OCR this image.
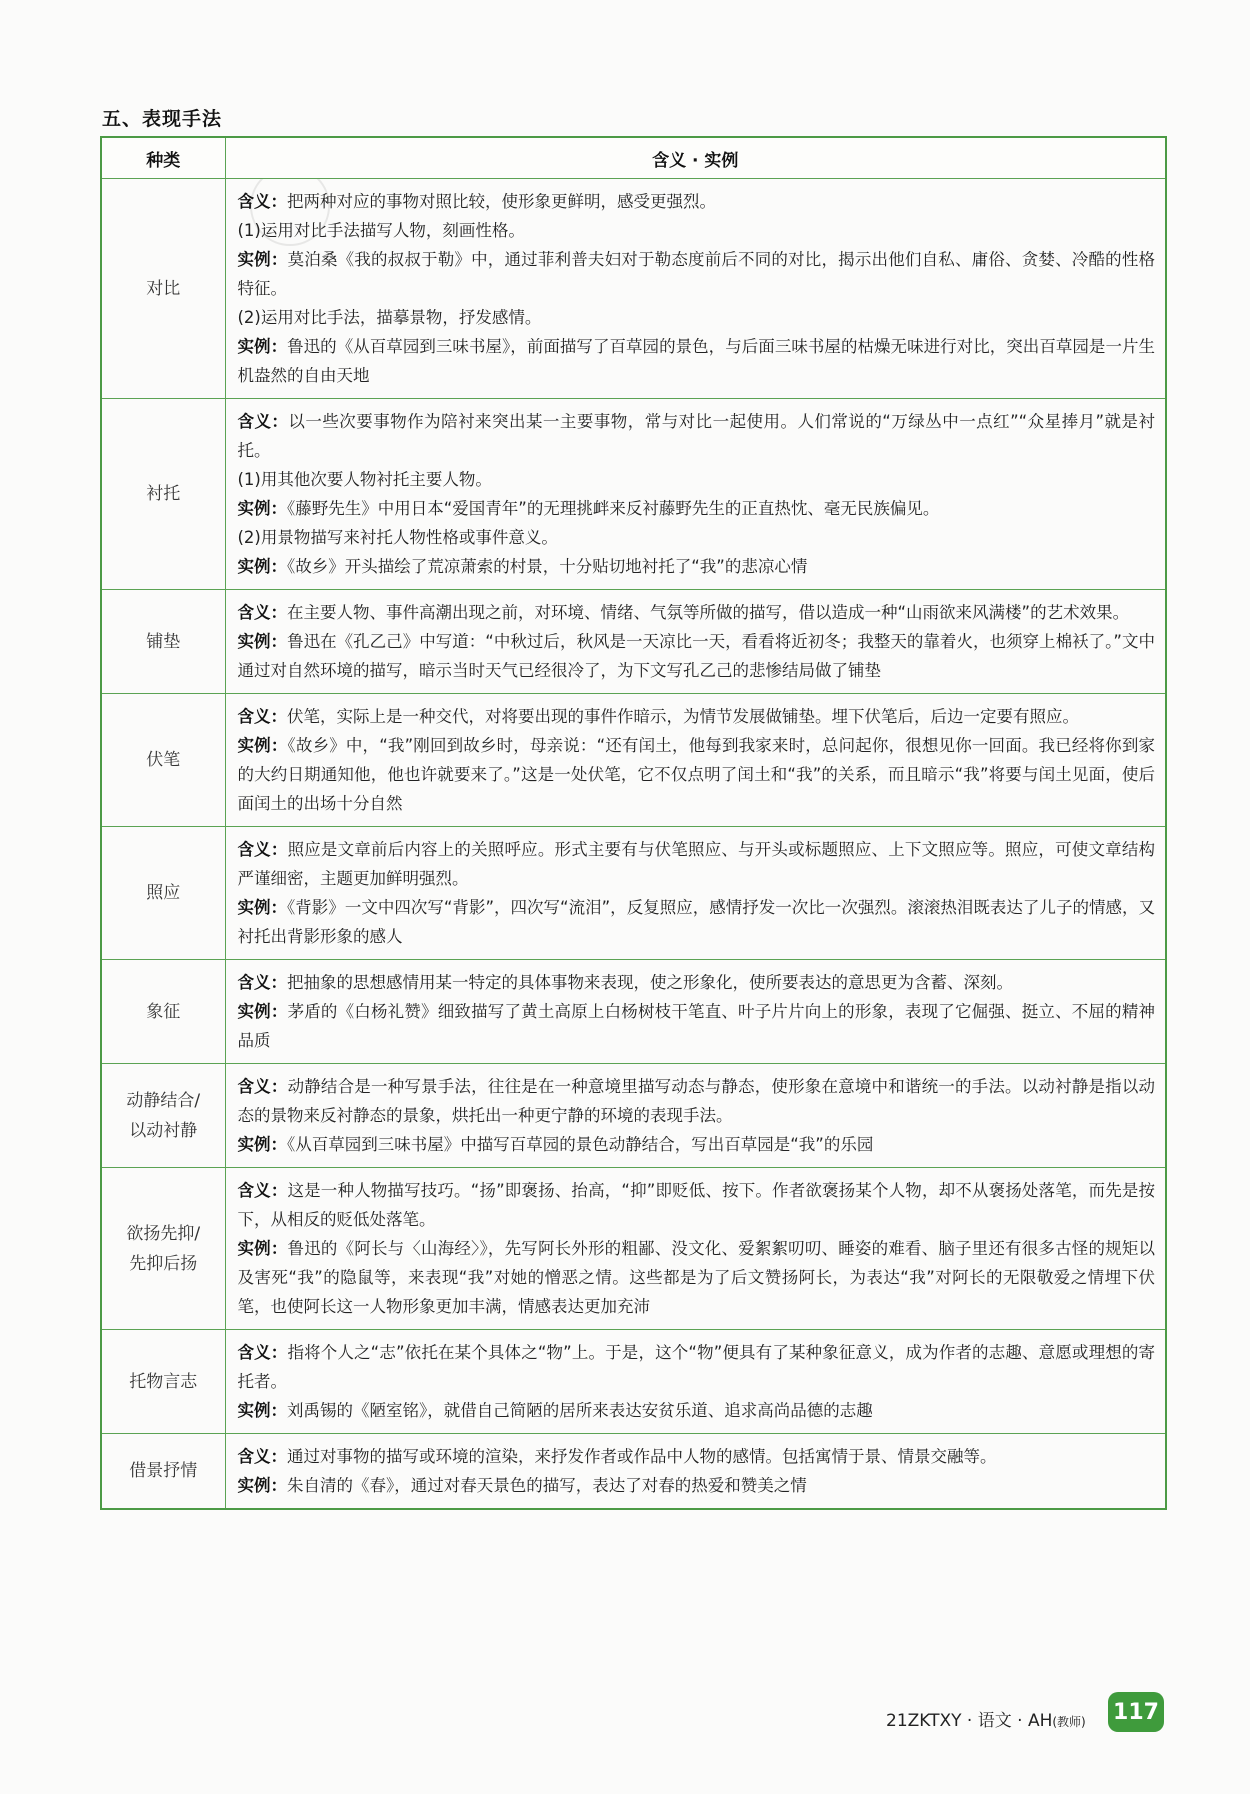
五、表现手法
种类	含义 · 实例
对比	含义：把两种对应的事物对照比较，使形象更鲜明，感受更强烈。
(1)运用对比手法描写人物，刻画性格。
实例：莫泊桑《我的叔叔于勒》中，通过菲利普夫妇对于勒态度前后不同的对比，揭示出他们自私、庸俗、贪婪、冷酷的性格特征。
(2)运用对比手法，描摹景物，抒发感情。
实例：鲁迅的《从百草园到三味书屋》，前面描写了百草园的景色，与后面三味书屋的枯燥无味进行对比，突出百草园是一片生机盎然的自由天地

衬托	含义：以一些次要事物作为陪衬来突出某一主要事物，常与对比一起使用。人们常说的“万绿丛中一点红”“众星捧月”就是衬托。
(1)用其他次要人物衬托主要人物。
实例：《藤野先生》中用日本“爱国青年”的无理挑衅来反衬藤野先生的正直热忱、毫无民族偏见。
(2)用景物描写来衬托人物性格或事件意义。
实例：《故乡》开头描绘了荒凉萧索的村景，十分贴切地衬托了“我”的悲凉心情

铺垫	含义：在主要人物、事件高潮出现之前，对环境、情绪、气氛等所做的描写，借以造成一种“山雨欲来风满楼”的艺术效果。
实例：鲁迅在《孔乙己》中写道：“中秋过后，秋风是一天凉比一天，看看将近初冬；我整天的靠着火，也须穿上棉袄了。”文中通过对自然环境的描写，暗示当时天气已经很冷了，为下文写孔乙己的悲惨结局做了铺垫

伏笔	含义：伏笔，实际上是一种交代，对将要出现的事件作暗示，为情节发展做铺垫。埋下伏笔后，后边一定要有照应。
实例：《故乡》中，“我”刚回到故乡时，母亲说：“还有闰土，他每到我家来时，总问起你，很想见你一回面。我已经将你到家的大约日期通知他，他也许就要来了。”这是一处伏笔，它不仅点明了闰土和“我”的关系，而且暗示“我”将要与闰土见面，使后面闰土的出场十分自然

照应	含义：照应是文章前后内容上的关照呼应。形式主要有与伏笔照应、与开头或标题照应、上下文照应等。照应，可使文章结构严谨细密，主题更加鲜明强烈。
实例：《背影》一文中四次写“背影”，四次写“流泪”，反复照应，感情抒发一次比一次强烈。滚滚热泪既表达了儿子的情感，又衬托出背影形象的感人

象征	含义：把抽象的思想感情用某一特定的具体事物来表现，使之形象化，使所要表达的意思更为含蓄、深刻。
实例：茅盾的《白杨礼赞》细致描写了黄土高原上白杨树枝干笔直、叶子片片向上的形象，表现了它倔强、挺立、不屈的精神品质

动静结合/
以动衬静	含义：动静结合是一种写景手法，往往是在一种意境里描写动态与静态，使形象在意境中和谐统一的手法。以动衬静是指以动态的景物来反衬静态的景象，烘托出一种更宁静的环境的表现手法。
实例：《从百草园到三味书屋》中描写百草园的景色动静结合，写出百草园是“我”的乐园

欲扬先抑/
先抑后扬	含义：这是一种人物描写技巧。“扬”即褒扬、抬高，“抑”即贬低、按下。作者欲褒扬某个人物，却不从褒扬处落笔，而先是按下，从相反的贬低处落笔。
实例：鲁迅的《阿长与〈山海经〉》，先写阿长外形的粗鄙、没文化、爱絮絮叨叨、睡姿的难看、脑子里还有很多古怪的规矩以及害死“我”的隐鼠等，来表现“我”对她的憎恶之情。这些都是为了后文赞扬阿长，为表达“我”对阿长的无限敬爱之情埋下伏笔，也使阿长这一人物形象更加丰满，情感表达更加充沛

托物言志	含义：指将个人之“志”依托在某个具体之“物”上。于是，这个“物”便具有了某种象征意义，成为作者的志趣、意愿或理想的寄托者。
实例：刘禹锡的《陋室铭》，就借自己简陋的居所来表达安贫乐道、追求高尚品德的志趣

借景抒情	含义：通过对事物的描写或环境的渲染，来抒发作者或作品中人物的感情。包括寓情于景、情景交融等。
实例：朱自清的《春》，通过对春天景色的描写，表达了对春的热爱和赞美之情
21ZKTXY · 语文 · AH(教师) 117
